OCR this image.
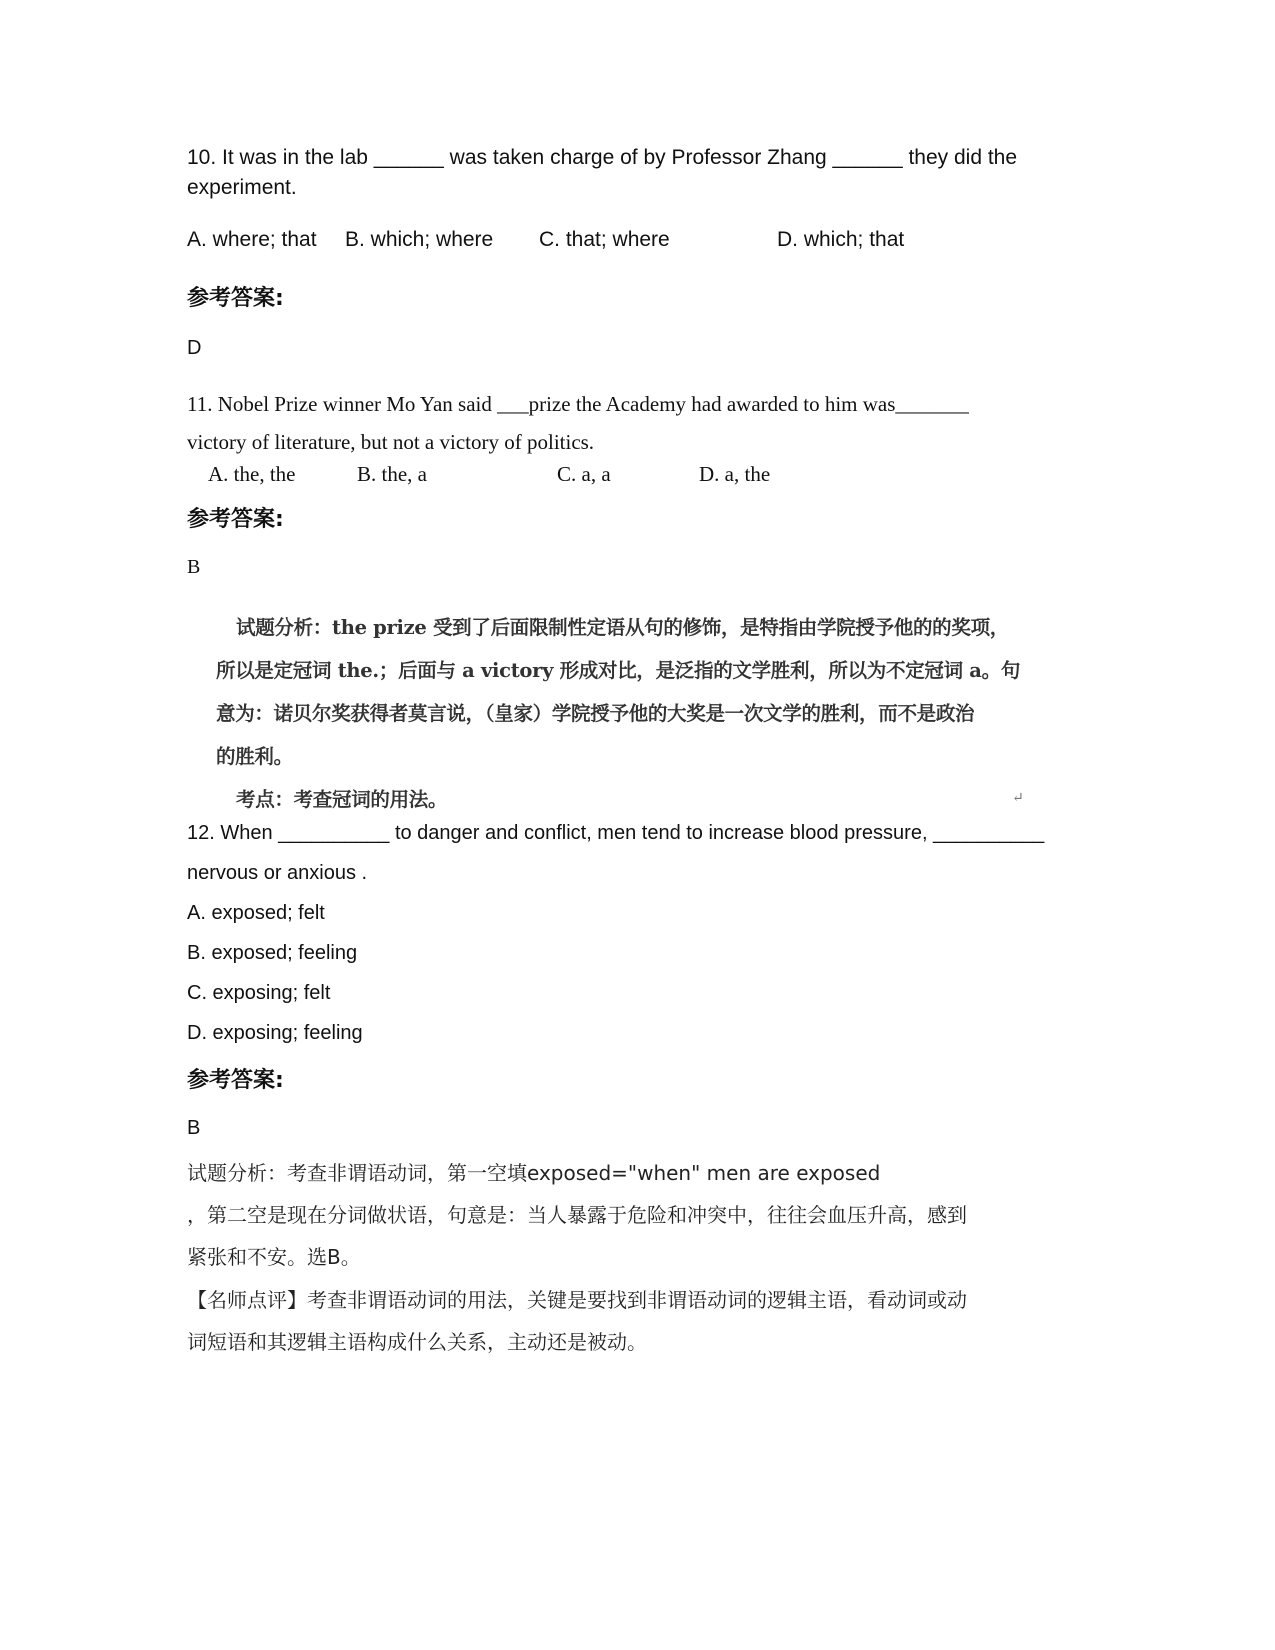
10. It was in the lab ______ was taken charge of by Professor Zhang ______ they did the
experiment.
A. where; that B. which; where C. that; where	D. which; that
参考答案:
D
11. Nobel Prize winner Mo Yan said ___prize the Academy had awarded to him was_______
victory of literature, but not a victory of politics.
A. the, the	B. the, a	C. a, a	D. a, the
参考答案:
B
试题分析：the prize 受到了后面限制性定语从句的修饰，是特指由学院授予他的的奖项，
所以是定冠词 the.；后面与 a victory 形成对比，是泛指的文学胜利，所以为不定冠词 a。句
意为：诺贝尔奖获得者莫言说，（皇家）学院授予他的大奖是一次文学的胜利，而不是政治
的胜利。
考点：考查冠词的用法。	↵
12. When __________ to danger and conflict, men tend to increase blood pressure, __________
nervous or anxious .
A. exposed; felt
B. exposed; feeling
C. exposing; felt
D. exposing; feeling
参考答案:
B
试题分析：考查非谓语动词，第一空填exposed="when" men are exposed
，第二空是现在分词做状语，句意是：当人暴露于危险和冲突中，往往会血压升高，感到
紧张和不安。选B。
【名师点评】考查非谓语动词的用法，关键是要找到非谓语动词的逻辑主语，看动词或动
词短语和其逻辑主语构成什么关系，主动还是被动。
